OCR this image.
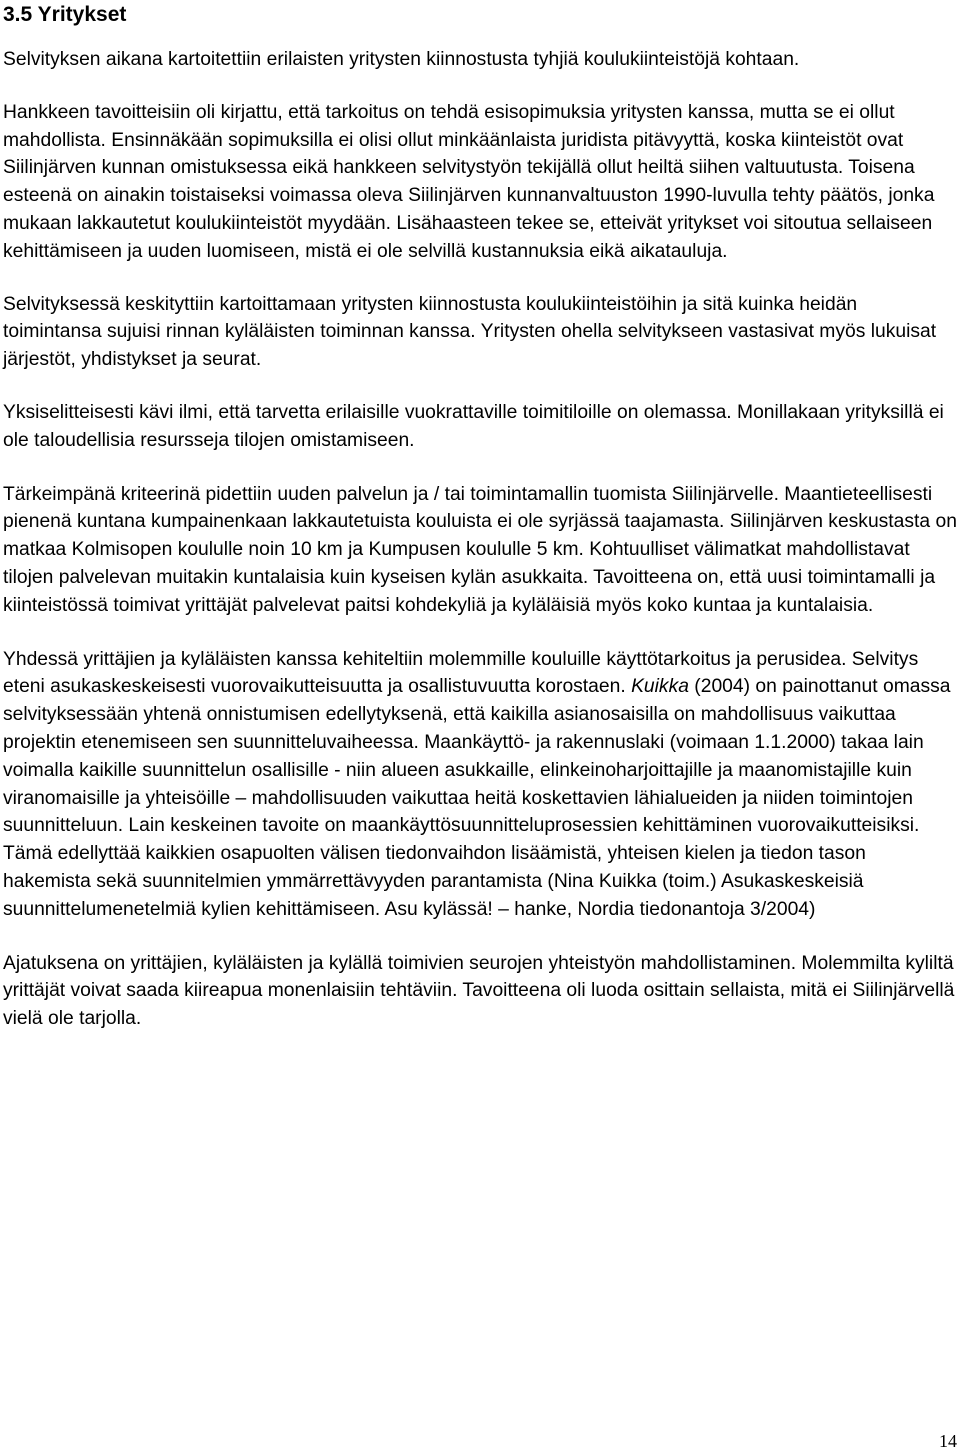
3.5 Yritykset

Selvityksen aikana kartoitettiin erilaisten yritysten kiinnostusta tyhjiä koulukiinteistöjä kohtaan.

Hankkeen tavoitteisiin oli kirjattu, että tarkoitus on tehdä esisopimuksia yritysten kanssa, mutta se ei ollut mahdollista. Ensinnäkään sopimuksilla ei olisi ollut minkäänlaista juridista pitävyyttä, koska kiinteistöt ovat Siilinjärven kunnan omistuksessa eikä hankkeen selvitystyön tekijällä ollut heiltä siihen valtuutusta. Toisena esteenä on ainakin toistaiseksi voimassa oleva Siilinjärven kunnanvaltuuston 1990-luvulla tehty päätös, jonka mukaan lakkautetut koulukiinteistöt myydään. Lisähaasteen tekee se, etteivät yritykset voi sitoutua sellaiseen kehittämiseen ja uuden luomiseen, mistä ei ole selvillä kustannuksia eikä aikatauluja.

Selvityksessä keskityttiin kartoittamaan yritysten kiinnostusta koulukiinteistöihin ja sitä kuinka heidän toimintansa sujuisi rinnan kyläläisten toiminnan kanssa. Yritysten ohella selvitykseen vastasivat myös lukuisat järjestöt, yhdistykset ja seurat.

Yksiselitteisesti kävi ilmi, että tarvetta erilaisille vuokrattaville toimitiloille on olemassa. Monillakaan yrityksillä ei ole taloudellisia resursseja tilojen omistamiseen.

Tärkeimpänä kriteerinä pidettiin uuden palvelun ja / tai toimintamallin tuomista Siilinjärvelle. Maantieteellisesti pienenä kuntana kumpainenkaan lakkautetuista kouluista ei ole syrjässä taajamasta. Siilinjärven keskustasta on matkaa Kolmisopen koululle noin 10 km ja Kumpusen koululle 5 km. Kohtuulliset välimatkat mahdollistavat tilojen palvelevan muitakin kuntalaisia kuin kyseisen kylän asukkaita. Tavoitteena on, että uusi toimintamalli ja kiinteistössä toimivat yrittäjät palvelevat paitsi kohdekyliä ja kyläläisiä myös koko kuntaa ja kuntalaisia.

Yhdessä yrittäjien ja kyläläisten kanssa kehiteltiin molemmille kouluille käyttötarkoitus ja perusidea. Selvitys eteni asukaskeskeisesti vuorovaikutteisuutta ja osallistuvuutta korostaen. Kuikka (2004) on painottanut omassa selvityksessään yhtenä onnistumisen edellytyksenä, että kaikilla asianosaisilla on mahdollisuus vaikuttaa projektin etenemiseen sen suunnitteluvaiheessa. Maankäyttö- ja rakennuslaki (voimaan 1.1.2000) takaa lain voimalla kaikille suunnittelun osallisille - niin alueen asukkaille, elinkeinoharjoittajille ja maanomistajille kuin viranomaisille ja yhteisöille – mahdollisuuden vaikuttaa heitä koskettavien lähialueiden ja niiden toimintojen suunnitteluun. Lain keskeinen tavoite on maankäyttösuunnitteluprosessien kehittäminen vuorovaikutteisiksi. Tämä edellyttää kaikkien osapuolten välisen tiedonvaihdon lisäämistä, yhteisen kielen ja tiedon tason hakemista sekä suunnitelmien ymmärrettävyyden parantamista (Nina Kuikka (toim.) Asukaskeskeisiä suunnittelumenetelmiä kylien kehittämiseen. Asu kylässä! – hanke, Nordia tiedonantoja 3/2004)

Ajatuksena on yrittäjien, kyläläisten ja kylällä toimivien seurojen yhteistyön mahdollistaminen. Molemmilta kyliltä yrittäjät voivat saada kiireapua monenlaisiin tehtäviin. Tavoitteena oli luoda osittain sellaista, mitä ei Siilinjärvellä vielä ole tarjolla.

14
